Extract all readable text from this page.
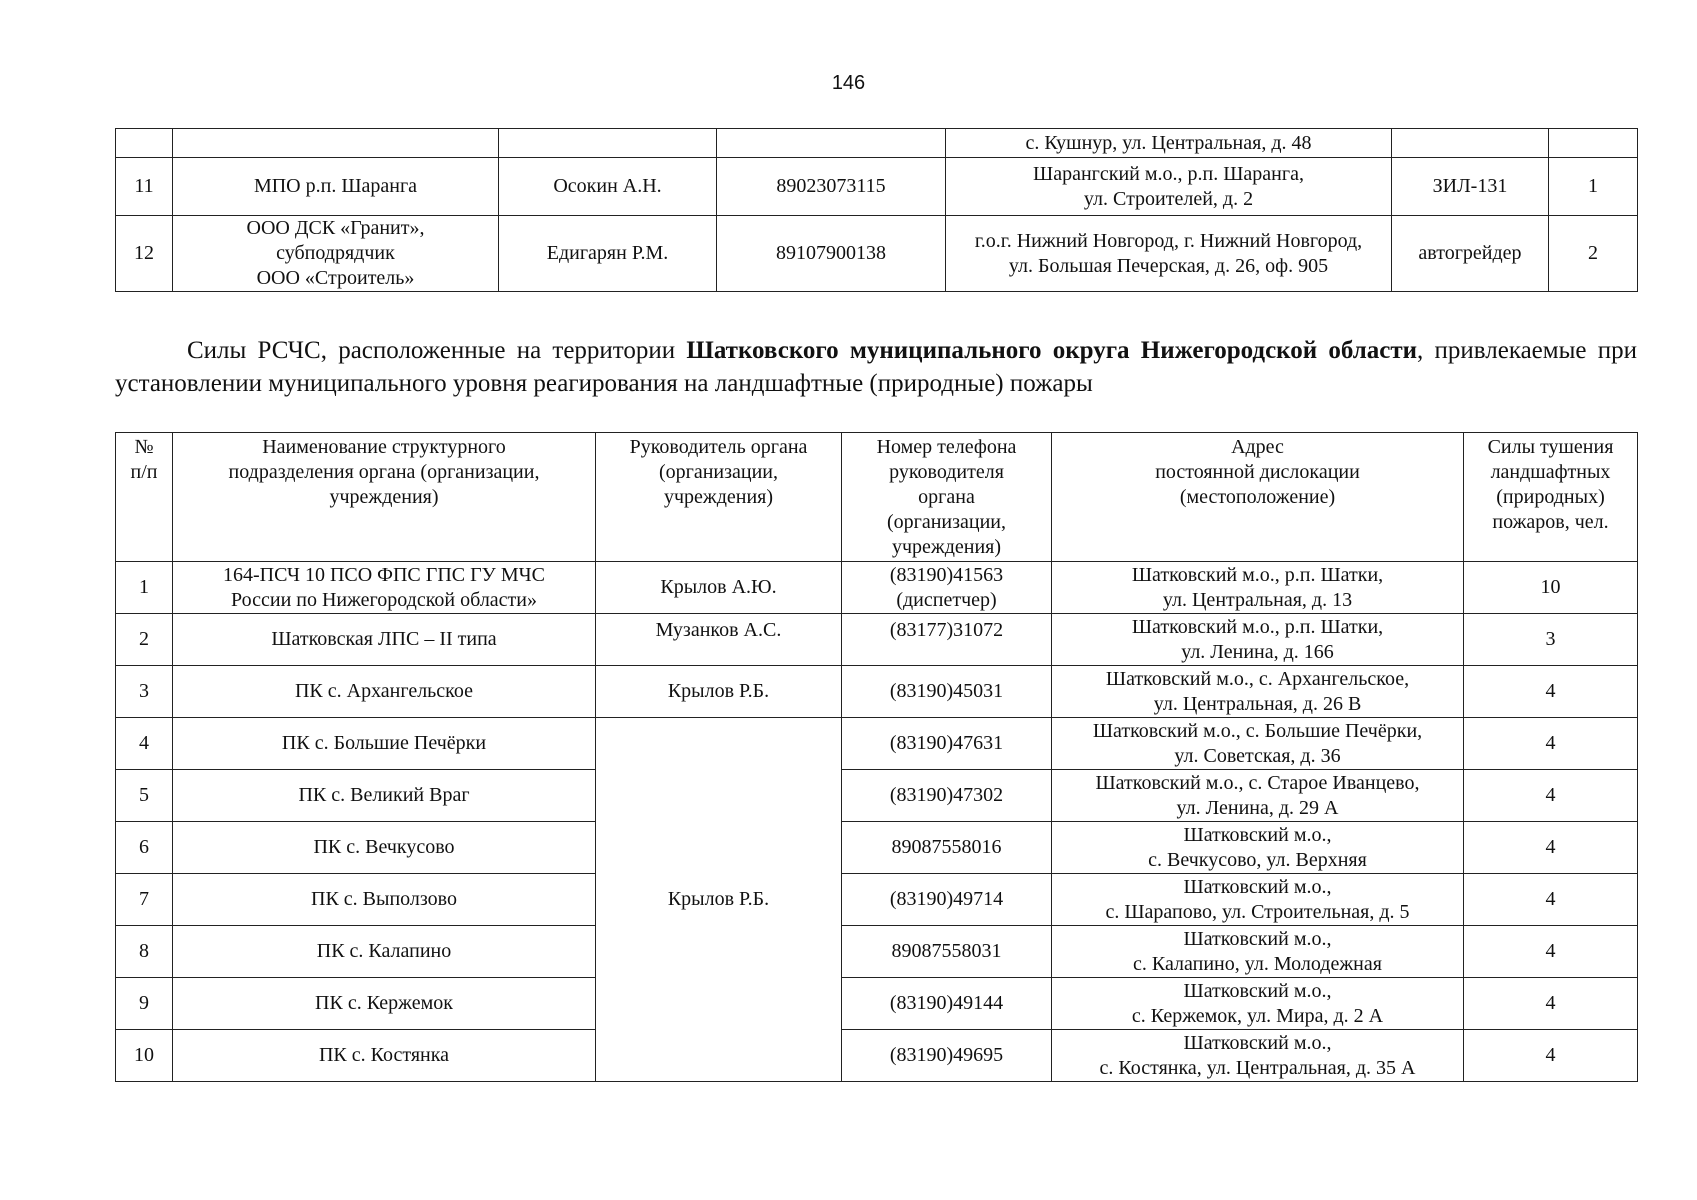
146

				с. Кушнур, ул. Центральная, д. 48		

11	МПО р.п. Шаранга	Осокин А.Н.	89023073115	Шарангский м.о., р.п. Шаранга,
ул. Строителей, д. 2	ЗИЛ-131	1
12	ООО ДСК «Гранит»,
субподрядчик
ООО «Строитель»	Едигарян Р.М.	89107900138	г.о.г. Нижний Новгород, г. Нижний Новгород,
ул. Большая Печерская, д. 26, оф. 905	автогрейдер	2
Силы РСЧС, расположенные на территории Шатковского муниципального округа Нижегородской области, привлекаемые при установлении муниципального уровня реагирования на ландшафтные (природные) пожары
№
п/п	Наименование структурного
подразделения органа (организации,
учреждения)	Руководитель органа
(организации,
учреждения)	Номер телефона
руководителя
органа
(организации,
учреждения)	Адрес
постоянной дислокации
(местоположение)	Силы тушения
ландшафтных
(природных)
пожаров, чел.

1	164-ПСЧ 10 ПСО ФПС ГПС ГУ МЧС
России по Нижегородской области»	Крылов А.Ю.	(83190)41563
(диспетчер)	Шатковский м.о., р.п. Шатки,
ул. Центральная, д. 13	10
2	Шатковская ЛПС – II типа	Музанков А.С.	(83177)31072	Шатковский м.о., р.п. Шатки,
ул. Ленина, д. 166	3
3	ПК с. Архангельское	Крылов Р.Б.	(83190)45031	Шатковский м.о., с. Архангельское,
ул. Центральная, д. 26 В	4
4	ПК с. Большие Печёрки	Крылов Р.Б.	(83190)47631	Шатковский м.о., с. Большие Печёрки,
ул. Советская, д. 36	4
5	ПК с. Великий Враг		(83190)47302	Шатковский м.о., с. Старое Иванцево,
ул. Ленина, д. 29 А	4
6	ПК с. Вечкусово		89087558016	Шатковский м.о.,
с. Вечкусово, ул. Верхняя	4
7	ПК с. Выползово		(83190)49714	Шатковский м.о.,
с. Шарапово, ул. Строительная, д. 5	4
8	ПК с. Калапино		89087558031	Шатковский м.о.,
с. Калапино, ул. Молодежная	4
9	ПК с. Кержемок		(83190)49144	Шатковский м.о.,
с. Кержемок, ул. Мира, д. 2 А	4
10	ПК с. Костянка		(83190)49695	Шатковский м.о.,
с. Костянка, ул. Центральная, д. 35 А	4
